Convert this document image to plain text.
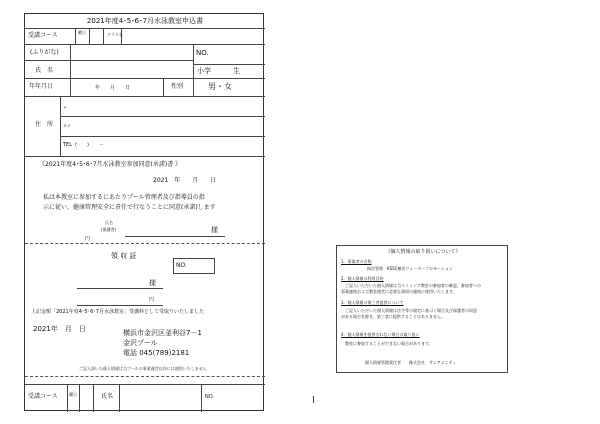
2021年度4･5･6･7月水泳教室申込書
受講コース	曜日	クラス名
(ふりがな)	NO.
氏　名	小学	生
年年月日	年　　月　　日	性別	男・女
住　所
〒
カナ
TEL (　　)　　－
《2021年度4･5･6･7月水泳教室参加同意(承諾)書 》
2021　年　　月　　日
私は本教室に参加するにあたりプール管理者及び指導員の指
示に従い、健康管理安全に責任で行なうことに同意(承諾)します
氏名
(保護者)	様
円
領 収 証
NO.
様
円
上記金額「2021年度4･5･6･7月水泳教室」受講料として受取りいたしました
2021年　月　日	横浜市金沢区釜利谷7－1
金沢プール
電話 045(789)2181
ご記入頂いた個人情報は当プールの事業運営以外には使用いたしません
受講コース	曜日	氏名	NO.
《個人情報の取り扱いについて》
1．事業者の名称
指定管理　KSSC横浜ウォータープロモーション
2．個人情報の利用目的
ご記入いただいた個人情報は当スイミング教室の参加者の確認、参加者への
事業連絡および教室運営に必要な事項の連絡に使用いたします。
3．個人情報の第三者提供について
ご記入いただいた個人情報は法令等の規定に基づく場合及び保護者の同意
がある場合を除き、第三者に提供することはありません。
4．個人情報を提供されない場合の取り扱い
教室に参加することができない場合があります。
個人情報管理責任者　　株式会社　サンアメニティ
